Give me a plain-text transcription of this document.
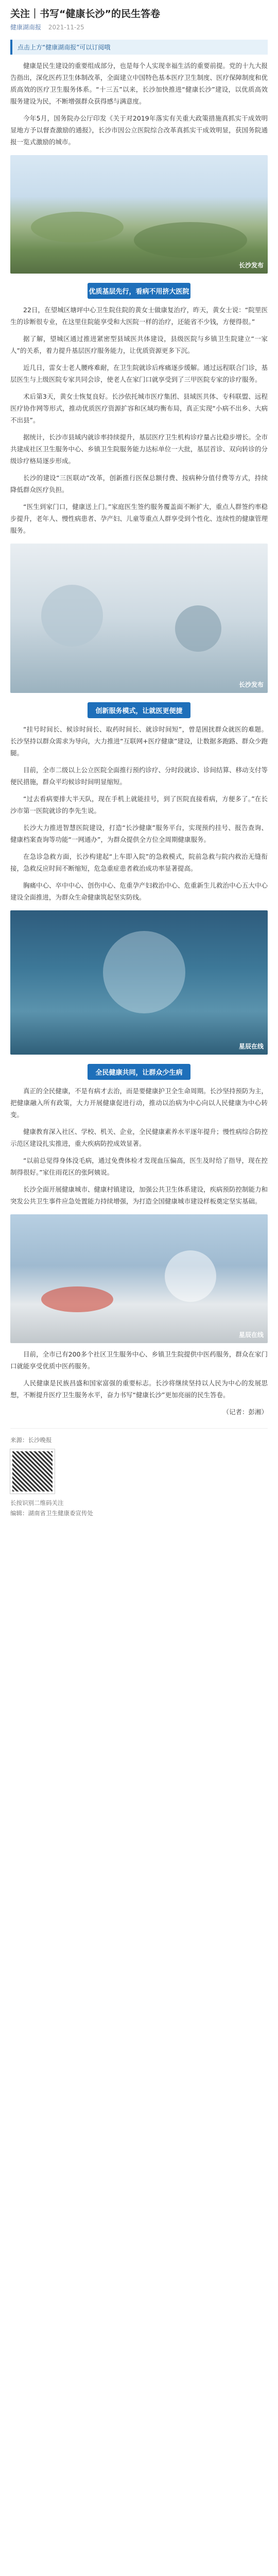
关注｜书写“健康长沙”的民生答卷
健康湖南报 2021-11-25
点击上方“健康湖南报”可以订阅哦

健康是民生建设的重要组成部分，也是每个人实现幸福生活的重要前提。党的十九大报告指出，深化医药卫生体制改革，全面建立中国特色基本医疗卫生制度、医疗保障制度和优质高效的医疗卫生服务体系。“十三五”以来，长沙加快推进“健康长沙”建设，以优质高效服务建设为民，不断增强群众获得感与满意度。

今年5月，国务院办公厅印发《关于对2019年落实有关重大政策措施真抓实干成效明显地方予以督查激励的通报》，长沙市因公立医院综合改革真抓实干成效明显，获国务院通报一览式激励的城市。

长沙发布
优质基层先行，看病不用挤大医院

22日，在望城区塘坪中心卫生院住院的黄女士做康复治疗，昨天，黄女士说：“院里医生的诊断很专业，在这里住院能享受和大医院一样的治疗，还能省不少钱，方便得很。”

据了解，望城区通过推进紧密型县域医共体建设，县级医院与乡镇卫生院建立“一家人”的关系，着力提升基层医疗服务能力，让优质资源更多下沉。

近几日，雷女士老人腰疼难耐，在卫生院就诊后疼痛逐步缓解。通过远程联合门诊，基层医生与上级医院专家共同会诊，使老人在家门口就享受到了三甲医院专家的诊疗服务。

术后第3天，黄女士恢复良好。长沙依托城市医疗集团、县域医共体、专科联盟、远程医疗协作网等形式，推动优质医疗资源扩容和区域均衡布局，真正实现“小病不出乡、大病不出县”。

据统计，长沙市县域内就诊率持续提升，基层医疗卫生机构诊疗量占比稳步增长。全市共建成社区卫生服务中心、乡镇卫生院服务能力达标单位一大批，基层首诊、双向转诊的分级诊疗格局逐步形成。

长沙的建设“三医联动”改革，创新推行医保总额付费、按病种分值付费等方式，持续降低群众医疗负担。

“医生到家门口，健康送上门。”家庭医生签约服务覆盖面不断扩大，重点人群签约率稳步提升，老年人、慢性病患者、孕产妇、儿童等重点人群享受到个性化、连续性的健康管理服务。

长沙发布
创新服务模式，让就医更便捷

“挂号时间长、候诊时间长、取药时间长、就诊时间短”，曾是困扰群众就医的难题。长沙坚持以群众需求为导向，大力推进“互联网+医疗健康”建设，让数据多跑路、群众少跑腿。

目前，全市二级以上公立医院全面推行预约诊疗、分时段就诊、诊间结算、移动支付等便民措施，群众平均候诊时间明显缩短。

“过去看病要排大半天队，现在手机上就能挂号，到了医院直接看病，方便多了。”在长沙市第一医院就诊的李先生说。

长沙大力推进智慧医院建设，打造“长沙健康”服务平台，实现预约挂号、报告查询、健康档案查询等功能“一网通办”，为群众提供全方位全周期健康服务。

在急诊急救方面，长沙构建起“上车即入院”的急救模式，院前急救与院内救治无缝衔接，急救反应时间不断缩短，危急重症患者救治成功率显著提高。

胸痛中心、卒中中心、创伤中心、危重孕产妇救治中心、危重新生儿救治中心五大中心建设全面推进，为群众生命健康筑起坚实防线。

星辰在线
全民健康共同，让群众少生病

真正的全民健康，不是有病才去治，而是要健康护卫全生命周期。长沙坚持预防为主，把健康融入所有政策，大力开展健康促进行动，推动以治病为中心向以人民健康为中心转变。

健康教育深入社区、学校、机关、企业，全民健康素养水平逐年提升；慢性病综合防控示范区建设扎实推进，重大疾病防控成效显著。

“以前总觉得身体没毛病，通过免费体检才发现血压偏高，医生及时给了指导，现在控制得很好。”家住雨花区的张阿姨说。

长沙全面开展健康城市、健康村镇建设，加强公共卫生体系建设，疾病预防控制能力和突发公共卫生事件应急处置能力持续增强，为打造全国健康城市建设样板奠定坚实基础。

星辰在线

目前，全市已有200多个社区卫生服务中心、乡镇卫生院提供中医药服务，群众在家门口就能享受优质中医药服务。

人民健康是民族昌盛和国家富强的重要标志。长沙将继续坚持以人民为中心的发展思想，不断提升医疗卫生服务水平，奋力书写“健康长沙”更加亮丽的民生答卷。

（记者：彭湘）

来源：长沙晚报
长按识别二维码关注
编辑：湖南省卫生健康委宣传处
